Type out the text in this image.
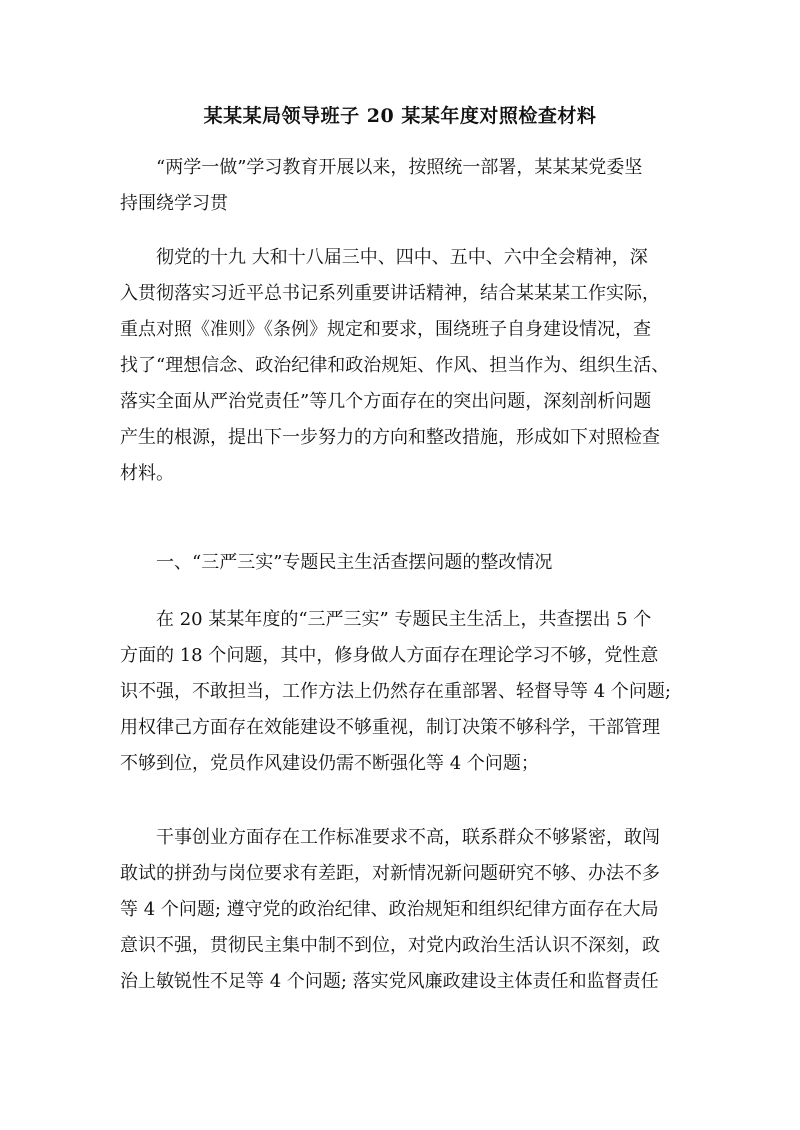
某某某局领导班子 20 某某年度对照检查材料
“两学一做”学习教育开展以来，按照统一部署，某某某党委坚
持围绕学习贯
彻党的十九 大和十八届三中、四中、五中、六中全会精神，深
入贯彻落实习近平总书记系列重要讲话精神，结合某某某工作实际，
重点对照《准则》《条例》规定和要求，围绕班子自身建设情况，查
找了“理想信念、政治纪律和政治规矩、作风、担当作为、组织生活、
落实全面从严治党责任”等几个方面存在的突出问题，深刻剖析问题
产生的根源，提出下一步努力的方向和整改措施，形成如下对照检查
材料。
一、“三严三实”专题民主生活查摆问题的整改情况
在 20 某某年度的“三严三实” 专题民主生活上，共查摆出 5 个
方面的 18 个问题，其中，修身做人方面存在理论学习不够，党性意
识不强，不敢担当，工作方法上仍然存在重部署、轻督导等 4 个问题;
用权律己方面存在效能建设不够重视，制订决策不够科学，干部管理
不够到位，党员作风建设仍需不断强化等 4 个问题；
干事创业方面存在工作标准要求不高，联系群众不够紧密，敢闯
敢试的拼劲与岗位要求有差距，对新情况新问题研究不够、办法不多
等 4 个问题; 遵守党的政治纪律、政治规矩和组织纪律方面存在大局
意识不强，贯彻民主集中制不到位，对党内政治生活认识不深刻，政
治上敏锐性不足等 4 个问题; 落实党风廉政建设主体责任和监督责任
